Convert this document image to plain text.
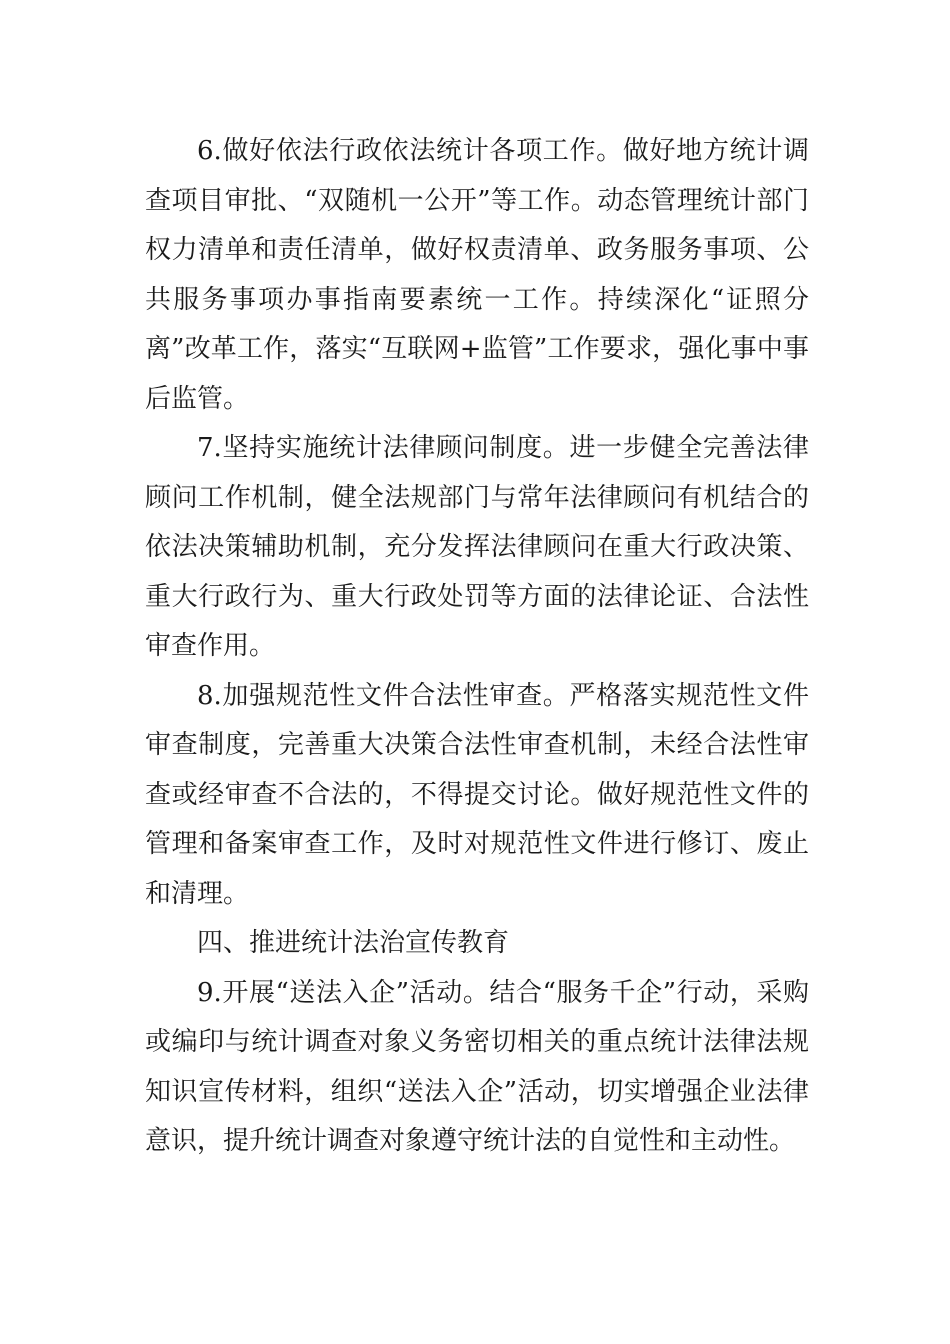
6.做好依法行政依法统计各项工作。做好地方统计调查项目审批、“双随机一公开”等工作。动态管理统计部门权力清单和责任清单，做好权责清单、政务服务事项、公共服务事项办事指南要素统一工作。持续深化“证照分离”改革工作，落实“互联网+监管”工作要求，强化事中事后监管。

7.坚持实施统计法律顾问制度。进一步健全完善法律顾问工作机制，健全法规部门与常年法律顾问有机结合的依法决策辅助机制，充分发挥法律顾问在重大行政决策、重大行政行为、重大行政处罚等方面的法律论证、合法性审查作用。

8.加强规范性文件合法性审查。严格落实规范性文件审查制度，完善重大决策合法性审查机制，未经合法性审查或经审查不合法的，不得提交讨论。做好规范性文件的管理和备案审查工作，及时对规范性文件进行修订、废止和清理。

四、推进统计法治宣传教育

9.开展“送法入企”活动。结合“服务千企”行动，采购或编印与统计调查对象义务密切相关的重点统计法律法规知识宣传材料，组织“送法入企”活动，切实增强企业法律意识，提升统计调查对象遵守统计法的自觉性和主动性。
